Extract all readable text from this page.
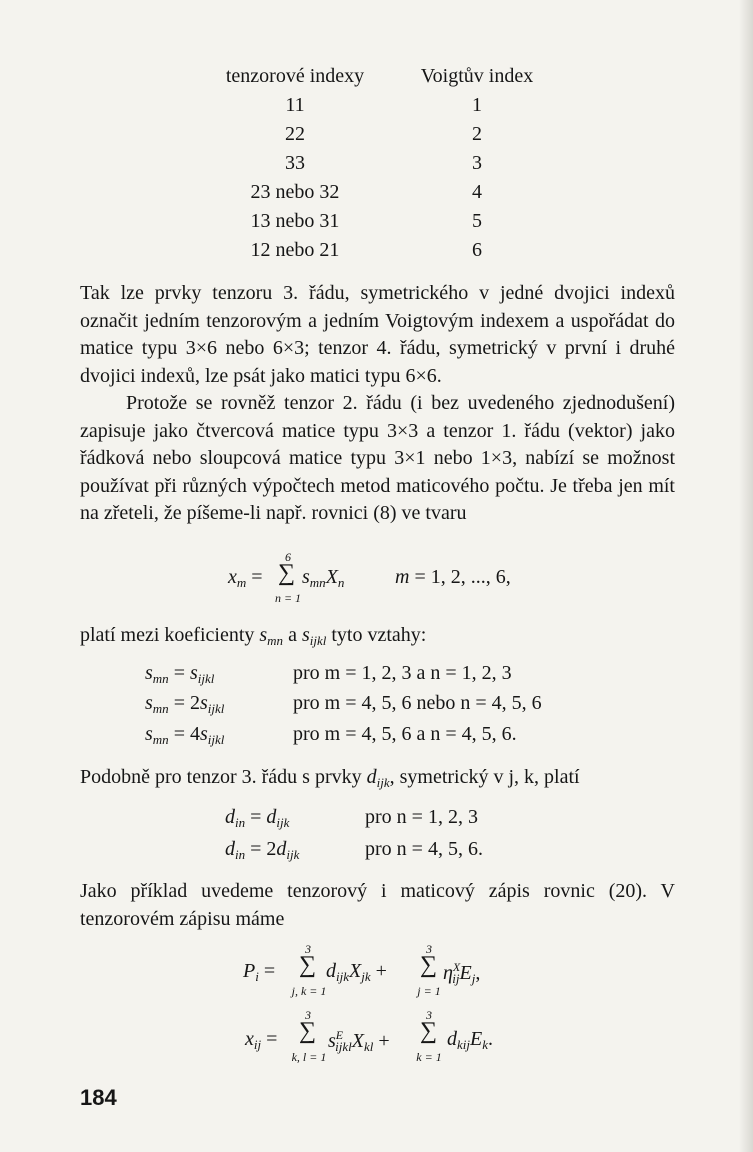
tenzorové indexy	Voigtův index
11	1
22	2
33	3
23 nebo 32	4
13 nebo 31	5
12 nebo 21	6

Tak lze prvky tenzoru 3. řádu, symetrického v jedné dvojici indexů označit jedním tenzorovým a jedním Voigtovým indexem a uspořádat do matice typu 3×6 nebo 6×3; tenzor 4. řádu, symetrický v první i druhé dvojici indexů, lze psát jako matici typu 6×6.

Protože se rovněž tenzor 2. řádu (i bez uvedeného zjednodušení) zapisuje jako čtvercová matice typu 3×3 a tenzor 1. řádu (vektor) jako řádková nebo sloupcová matice typu 3×1 nebo 1×3, nabízí se možnost používat při různých výpočtech metod maticového počtu. Je třeba jen mít na zřeteli, že píšeme-li např. rovnici (8) ve tvaru

6
∑
n = 1
$x_m = s_{mn}X_n$	m = 1, 2, ..., 6,
platí mezi koeficienty $s_{mn}$ a $s_{ijkl}$ tyto vztahy:
$s_{mn} = s_{ijkl}$	pro m = 1, 2, 3 a n = 1, 2, 3
$s_{mn} = 2s_{ijkl}$	pro m = 4, 5, 6 nebo n = 4, 5, 6
$s_{mn} = 4s_{ijkl}$	pro m = 4, 5, 6 a n = 4, 5, 6.
Podobně pro tenzor 3. řádu s prvky $d_{ijk}$, symetrický v j, k, platí
$d_{in} = d_{ijk}$	pro n = 1, 2, 3
$d_{in} = 2d_{ijk}$	pro n = 4, 5, 6.

Jako příklad uvedeme tenzorový i maticový zápis rovnic (20). V tenzorovém zápisu máme

$P_i$ =
3
∑
j, k = 1
$d_{ijk}X_{jk}$ +
3
∑
j = 1
$\eta^X_{ij}E_j$,
$x_{ij}$ =
3
∑
k, l = 1
$s^E_{ijkl}X_{kl}$ +
3
∑
k = 1
$d_{kij}E_k$.
184
